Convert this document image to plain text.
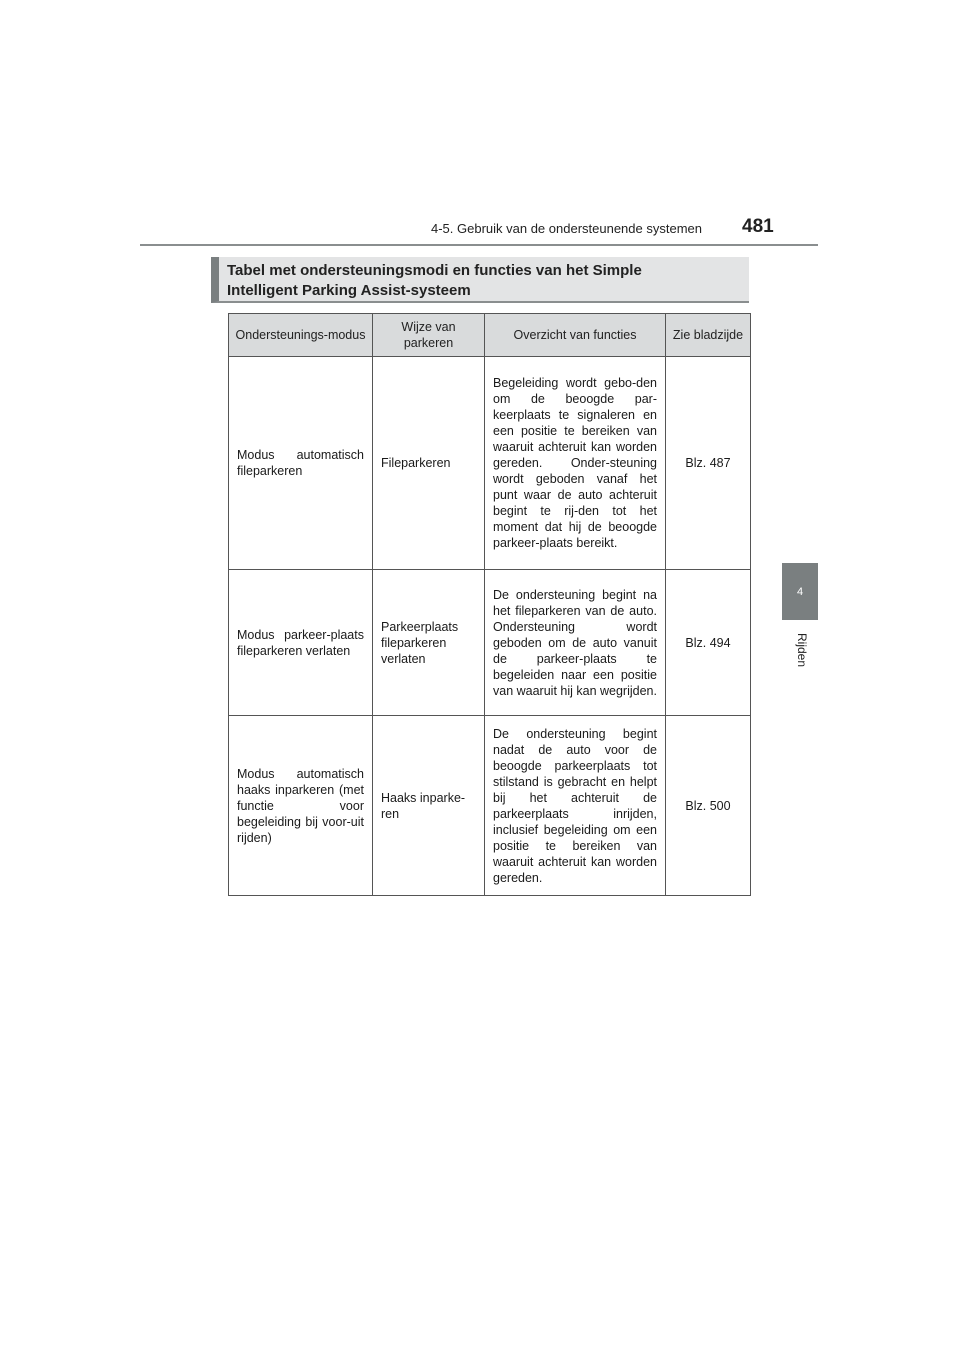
4-5. Gebruik van de ondersteunende systemen 481
4
Rijden
Tabel met ondersteuningsmodi en functies van het Simple
Intelligent Parking Assist-systeem
Ondersteunings-modus	Wijze van parkeren	Overzicht van functies	Zie bladzijde
Modus automatisch fileparkeren	Fileparkeren	Begeleiding wordt gebo-den om de beoogde par-keerplaats te signaleren en een positie te bereiken van waaruit achteruit kan worden gereden. Onder-steuning wordt geboden vanaf het punt waar de auto achteruit begint te rij-den tot het moment dat hij de beoogde parkeer-plaats bereikt.	Blz. 487
Modus parkeer-plaats fileparkeren verlaten	Parkeerplaats fileparkeren verlaten	De ondersteuning begint na het fileparkeren van de auto. Ondersteuning wordt geboden om de auto vanuit de parkeer-plaats te begeleiden naar een positie van waaruit hij kan wegrijden.	Blz. 494
Modus automatisch haaks inparkeren (met functie voor begeleiding bij voor-uit rijden)	Haaks inparke-ren	De ondersteuning begint nadat de auto voor de beoogde parkeerplaats tot stilstand is gebracht en helpt bij het achteruit de parkeerplaats inrijden, inclusief begeleiding om een positie te bereiken van waaruit achteruit kan worden gereden.	Blz. 500
